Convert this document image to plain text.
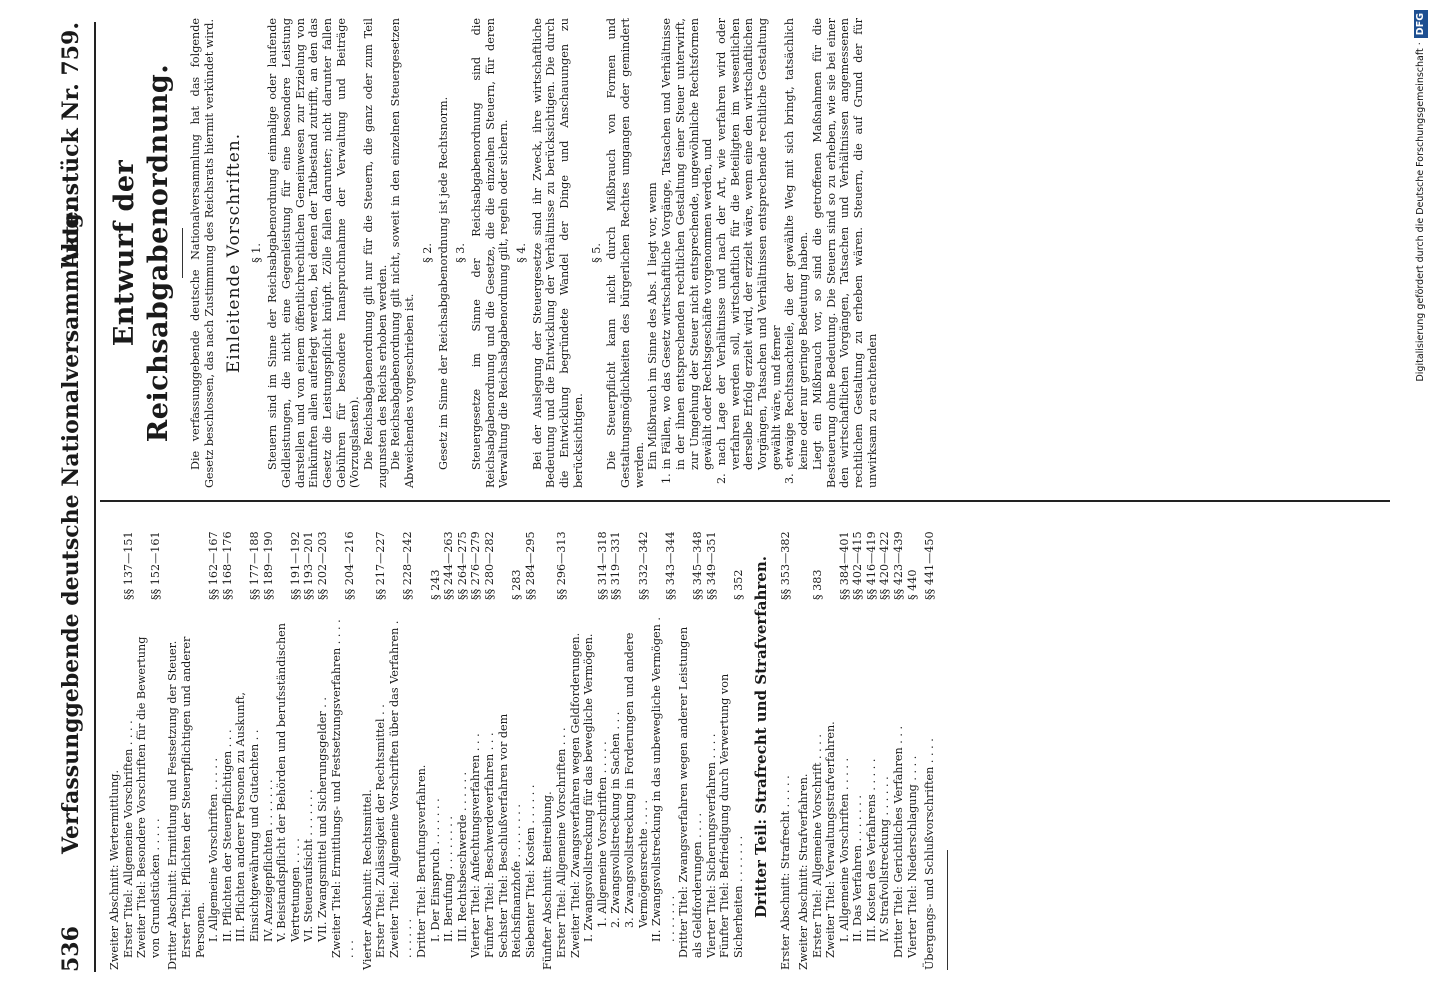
536
Verfassunggebende deutsche Nationalversammlung.
Aktenstück Nr. 759.
Zweiter Abschnitt: Wertermittlung. Erster Titel: Allgemeine Vorschriften . . . .
§§ 137—151
Zweiter Titel: Besondere Vorschriften für die Bewertung von Grundstücken . . . . .
§§ 152—161
Dritter Abschnitt: Ermittlung und Festsetzung der Steuer. Erster Titel: Pflichten der Steuerpflichtigen und anderer Personen. I. Allgemeine Vorschriften . . . . .
§§ 162—167
II. Pflichten der Steuerpflichtigen . . .
§§ 168—176
III. Pflichten anderer Personen zu Auskunft, Einsichtgewährung und Gutachten . .
§§ 177—188
IV. Anzeigepflichten . . . . . . .
§§ 189—190
V. Beistandspflicht der Behörden und berufsständischen Vertretungen . . . .
§§ 191—192
VI. Steueraufsicht . . . . . . .
§§ 193—201
VII. Zwangsmittel und Sicherungsgelder . .
§§ 202—203
Zweiter Titel: Ermittlungs- und Festsetzungsverfahren . . . . . . .
§§ 204—216
Vierter Abschnitt: Rechtsmittel. Erster Titel: Zulässigkeit der Rechtsmittel . .
§§ 217—227
Zweiter Titel: Allgemeine Vorschriften über das Verfahren . . . . . . .
§§ 228—242
Dritter Titel: Berufungsverfahren. I. Der Einspruch . . . . . . .
§ 243
II. Berufung . . . . . . . .
§§ 244—263
III. Rechtsbeschwerde . . . . . .
§§ 264—275
Vierter Titel: Anfechtungsverfahren . . .
§§ 276—279
Fünfter Titel: Beschwerdeverfahren . . .
§§ 280—282
Sechster Titel: Beschlußverfahren vor dem Reichsfinanzhofe . . . . . . . .
§ 283
Siebenter Titel: Kosten . . . . . .
§§ 284—295
Fünfter Abschnitt: Beitreibung. Erster Titel: Allgemeine Vorschriften . . .
§§ 296—313
Zweiter Titel: Zwangsverfahren wegen Geldforderungen. I. Zwangsvollstreckung für das bewegliche Vermögen. 1. Allgemeine Vorschriften . . . . .
§§ 314—318
2. Zwangsvollstreckung in Sachen . . .
§§ 319—331
3. Zwangsvollstreckung in Forderungen und andere Vermögensrechte . . . .
§§ 332—342
II. Zwangsvollstreckung in das unbewegliche Vermögen . . . . . . . .
§§ 343—344
Dritter Titel: Zwangsverfahren wegen anderer Leistungen als Geldforderungen . . . .
§§ 345—348
Vierter Titel: Sicherungsverfahren . . . .
§§ 349—351
Fünfter Titel: Befriedigung durch Verwertung von Sicherheiten . . . . . . .
§ 352 Dritter Teil: Strafrecht und Strafverfahren. Erster Abschnitt: Strafrecht . . . . .
§§ 353—382
Zweiter Abschnitt: Strafverfahren. Erster Titel: Allgemeine Vorschrift . . . .
§ 383
Zweiter Titel: Verwaltungsstrafverfahren. I. Allgemeine Vorschriften . . . . .
§§ 384—401
II. Das Verfahren . . . . . . .
§§ 402—415
III. Kosten des Verfahrens . . . . .
§§ 416—419
IV. Strafvollstreckung . . . . . .
§§ 420—422
Dritter Titel: Gerichtliches Verfahren . . .
§§ 423—439
Vierter Titel: Niederschlagung . . . .
§ 440
Übergangs- und Schlußvorschriften . . . .
§§ 441—450
Entwurf der Reichsabgabenordnung. Die verfassunggebende deutsche Nationalversammlung hat das folgende Gesetz beschlossen, das nach Zustimmung des Reichsrats hiermit verkündet wird. Einleitende Vorschriften. § 1. Steuern sind im Sinne der Reichsabgabenordnung einmalige oder laufende Geldleistungen, die nicht eine Gegenleistung für eine besondere Leistung darstellen und von einem öffentlichrechtlichen Gemeinwesen zur Erzielung von Einkünften allen auferlegt werden, bei denen der Tatbestand zutrifft, an den das Gesetz die Leistungspflicht knüpft. Zölle fallen darunter; nicht darunter fallen Gebühren für besondere Inanspruchnahme der Verwaltung und Beiträge (Vorzugslasten). Die Reichsabgabenordnung gilt nur für die Steuern, die ganz oder zum Teil zugunsten des Reichs erhoben werden. Die Reichsabgabenordnung gilt nicht, soweit in den einzelnen Steuergesetzen Abweichendes vorgeschrieben ist.

§ 2. Gesetz im Sinne der Reichsabgabenordnung ist jede Rechtsnorm. § 3. Steuergesetze im Sinne der Reichsabgabenordnung sind die Reichsabgabenordnung und die Gesetze, die die einzelnen Steuern, für deren Verwaltung die Reichsabgabenordnung gilt, regeln oder sichern. § 4. Bei der Auslegung der Steuergesetze sind ihr Zweck, ihre wirtschaftliche Bedeutung und die Entwicklung der Verhältnisse zu berücksichtigen. Die durch die Entwicklung begründete Wandel der Dinge und Anschauungen zu berücksichtigen.

§ 5. Die Steuerpflicht kann nicht durch Mißbrauch von Formen und Gestaltungsmöglichkeiten des bürgerlichen Rechtes umgangen oder gemindert werden. Ein Mißbrauch im Sinne des Abs. 1 liegt vor, wenn 1. in Fällen, wo das Gesetz wirtschaftliche Vorgänge, Tatsachen und Verhältnisse in der ihnen entsprechenden rechtlichen Gestaltung einer Steuer unterwirft, zur Umgehung der Steuer nicht entsprechende, ungewöhnliche Rechtsformen gewählt oder Rechtsgeschäfte vorgenommen werden, und 2. nach Lage der Verhältnisse und nach der Art, wie verfahren wird oder verfahren werden soll, wirtschaftlich für die Beteiligten im wesentlichen derselbe Erfolg erzielt wird, der erzielt wäre, wenn eine den wirtschaftlichen Vorgängen, Tatsachen und Verhältnissen entsprechende rechtliche Gestaltung gewählt wäre, und ferner 3. etwaige Rechtsnachteile, die der gewählte Weg mit sich bringt, tatsächlich keine oder nur geringe Bedeutung haben. Liegt ein Mißbrauch vor, so sind die getroffenen Maßnahmen für die Besteuerung ohne Bedeutung. Die Steuern sind so zu erheben, wie sie bei einer den wirtschaftlichen Vorgängen, Tatsachen und Verhältnissen angemessenen rechtlichen Gestaltung zu erheben wären. Steuern, die auf Grund der für unwirksam zu erachtenden

Digitalisierung gefördert durch die Deutsche Forschungsgemeinschaft ·DFG
